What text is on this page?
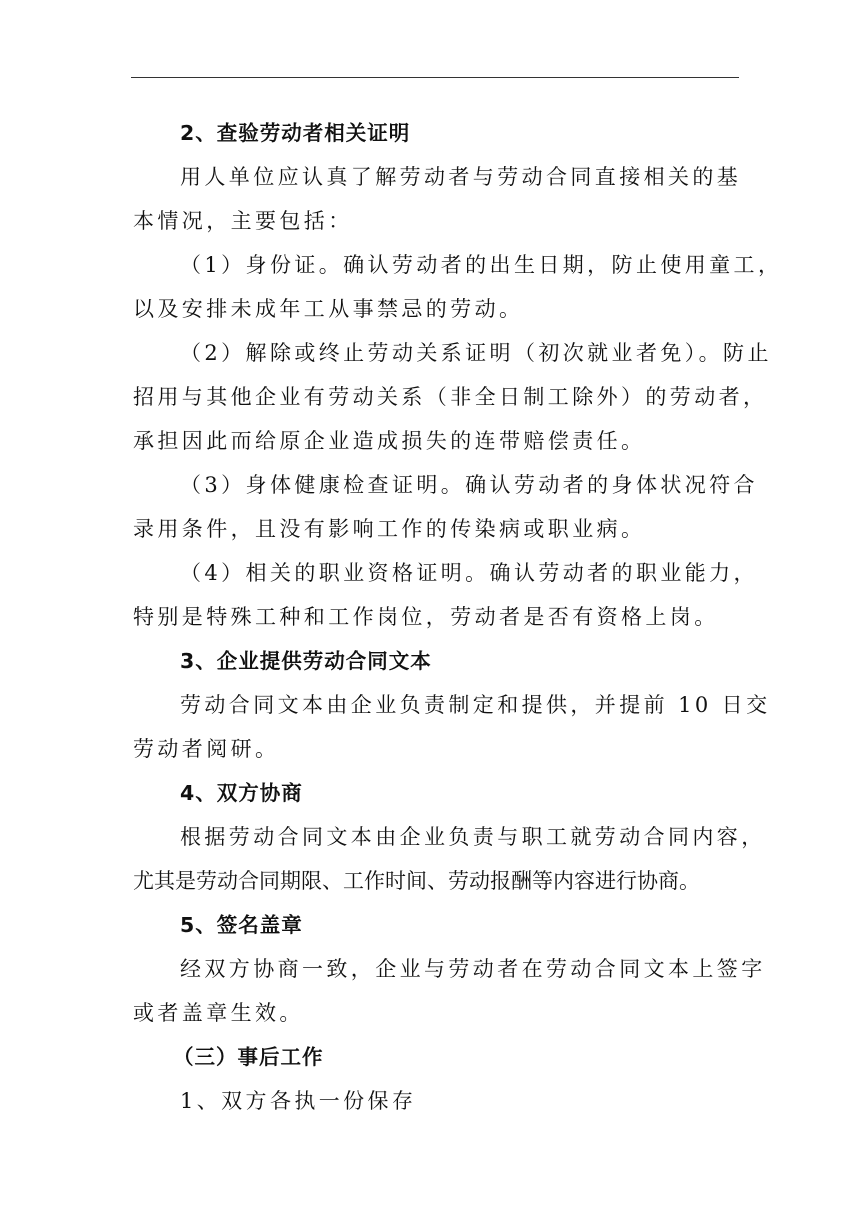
2、查验劳动者相关证明
用人单位应认真了解劳动者与劳动合同直接相关的基
本情况，主要包括：
（1）身份证。确认劳动者的出生日期，防止使用童工，
以及安排未成年工从事禁忌的劳动。
（2）解除或终止劳动关系证明（初次就业者免）。防止
招用与其他企业有劳动关系（非全日制工除外）的劳动者，
承担因此而给原企业造成损失的连带赔偿责任。
（3）身体健康检查证明。确认劳动者的身体状况符合
录用条件，且没有影响工作的传染病或职业病。
（4）相关的职业资格证明。确认劳动者的职业能力，
特别是特殊工种和工作岗位，劳动者是否有资格上岗。
3、企业提供劳动合同文本
劳动合同文本由企业负责制定和提供，并提前 10 日交
劳动者阅研。
4、双方协商
根据劳动合同文本由企业负责与职工就劳动合同内容，
尤其是劳动合同期限、工作时间、劳动报酬等内容进行协商。
5、签名盖章
经双方协商一致，企业与劳动者在劳动合同文本上签字
或者盖章生效。
（三）事后工作
1、双方各执一份保存
